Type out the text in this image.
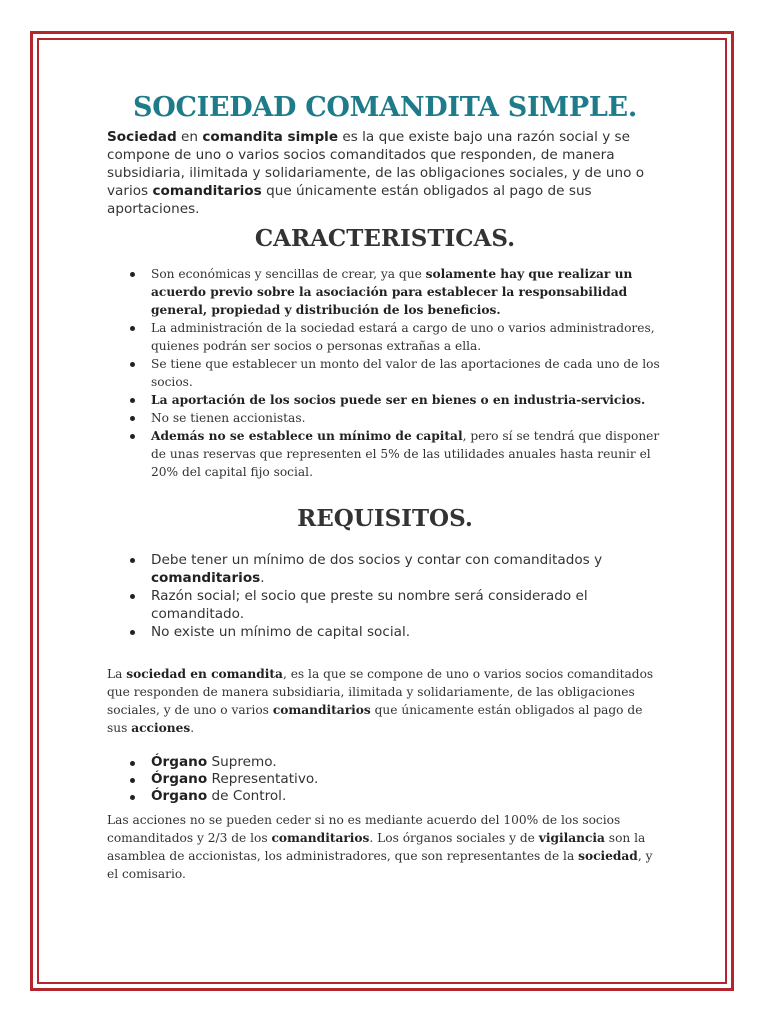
SOCIEDAD COMANDITA SIMPLE.

Sociedad en comandita simple es la que existe bajo una razón social y se compone de uno o varios socios comanditados que responden, de manera subsidiaria, ilimitada y solidariamente, de las obligaciones sociales, y de uno o varios comanditarios que únicamente están obligados al pago de sus aportaciones.

CARACTERISTICAS.
Son económicas y sencillas de crear, ya que solamente hay que realizar un acuerdo previo sobre la asociación para establecer la responsabilidad general, propiedad y distribución de los beneficios.
La administración de la sociedad estará a cargo de uno o varios administradores, quienes podrán ser socios o personas extrañas a ella.
Se tiene que establecer un monto del valor de las aportaciones de cada uno de los socios.
La aportación de los socios puede ser en bienes o en industria-servicios.
No se tienen accionistas.
Además no se establece un mínimo de capital, pero sí se tendrá que disponer de unas reservas que representen el 5% de las utilidades anuales hasta reunir el 20% del capital fijo social.
REQUISITOS.
Debe tener un mínimo de dos socios y contar con comanditados y comanditarios.
Razón social; el socio que preste su nombre será considerado el comanditado.
No existe un mínimo de capital social.

La sociedad en comandita, es la que se compone de uno o varios socios comanditados que responden de manera subsidiaria, ilimitada y solidariamente, de las obligaciones sociales, y de uno o varios comanditarios que únicamente están obligados al pago de sus acciones.

Órgano Supremo.
Órgano Representativo.
Órgano de Control.

Las acciones no se pueden ceder si no es mediante acuerdo del 100% de los socios comanditados y 2/3 de los comanditarios. Los órganos sociales y de vigilancia son la asamblea de accionistas, los administradores, que son representantes de la sociedad, y el comisario.
